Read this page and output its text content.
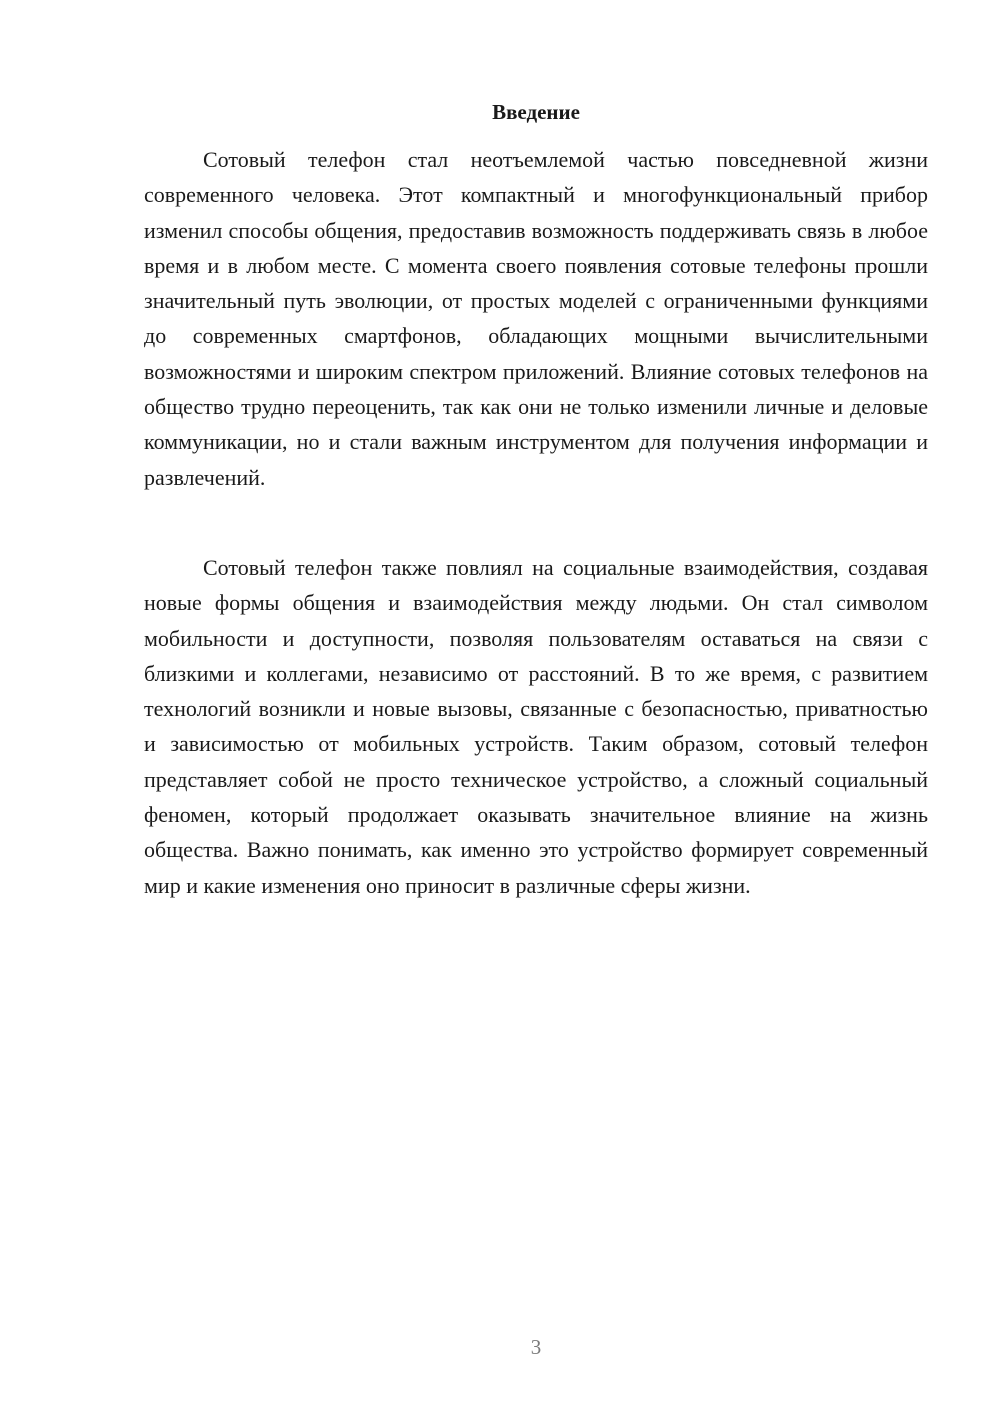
Введение

Сотовый телефон стал неотъемлемой частью повседневной жизни современного человека. Этот компактный и многофункциональный прибор изменил способы общения, предоставив возможность поддерживать связь в любое время и в любом месте. С момента своего появления сотовые телефоны прошли значительный путь эволюции, от простых моделей с ограниченными функциями до современных смартфонов, обладающих мощными вычислительными возможностями и широким спектром приложений. Влияние сотовых телефонов на общество трудно переоценить, так как они не только изменили личные и деловые коммуникации, но и стали важным инструментом для получения информации и развлечений.

Сотовый телефон также повлиял на социальные взаимодействия, создавая новые формы общения и взаимодействия между людьми. Он стал символом мобильности и доступности, позволяя пользователям оставаться на связи с близкими и коллегами, независимо от расстояний. В то же время, с развитием технологий возникли и новые вызовы, связанные с безопасностью, приватностью и зависимостью от мобильных устройств. Таким образом, сотовый телефон представляет собой не просто техническое устройство, а сложный социальный феномен, который продолжает оказывать значительное влияние на жизнь общества. Важно понимать, как именно это устройство формирует современный мир и какие изменения оно приносит в различные сферы жизни.

3
